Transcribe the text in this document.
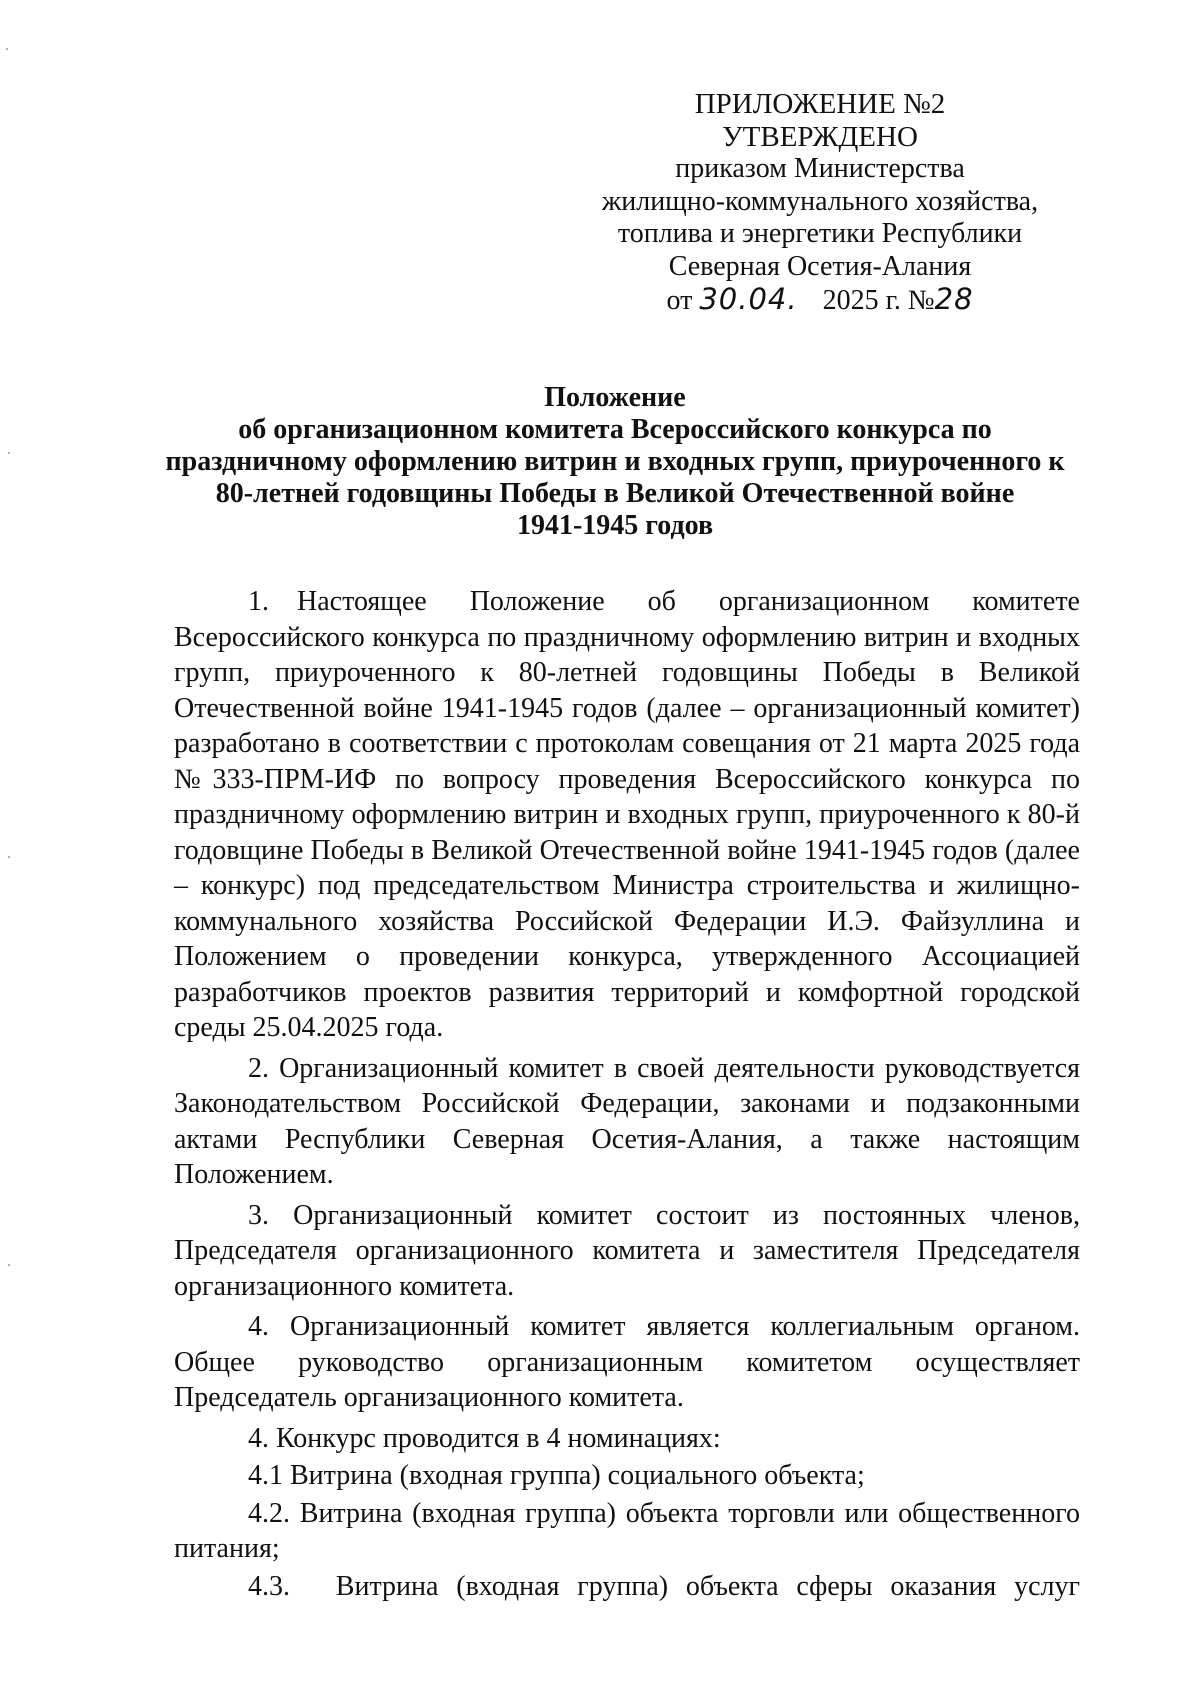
ПРИЛОЖЕНИЕ №2
УТВЕРЖДЕНО
приказом Министерства
жилищно-коммунального хозяйства,
топлива и энергетики Республики
Северная Осетия-Алания
от 30.04. 2025 г. №28
Положение
об организационном комитета Всероссийского конкурса по
праздничному оформлению витрин и входных групп, приуроченного к
80-летней годовщины Победы в Великой Отечественной войне
1941-1945 годов

1. Настоящее Положение об организационном комитете Всероссийского конкурса по праздничному оформлению витрин и входных групп, приуроченного к 80-летней годовщины Победы в Великой Отечественной войне 1941-1945 годов (далее – организационный комитет) разработано в соответствии с протоколам совещания от 21 марта 2025 года №333-ПРМ-ИФ по вопросу проведения Всероссийского конкурса по праздничному оформлению витрин и входных групп, приуроченного к 80-й годовщине Победы в Великой Отечественной войне 1941-1945 годов (далее – конкурс) под председательством Министра строительства и жилищно-коммунального хозяйства Российской Федерации И.Э. Файзуллина и Положением о проведении конкурса, утвержденного Ассоциацией разработчиков проектов развития территорий и комфортной городской среды 25.04.2025 года.

2. Организационный комитет в своей деятельности руководствуется Законодательством Российской Федерации, законами и подзаконными актами Республики Северная Осетия-Алания, а также настоящим Положением.

3. Организационный комитет состоит из постоянных членов, Председателя организационного комитета и заместителя Председателя организационного комитета.

4. Организационный комитет является коллегиальным органом. Общее руководство организационным комитетом осуществляет Председатель организационного комитета.

4. Конкурс проводится в 4 номинациях:

4.1 Витрина (входная группа) социального объекта;

4.2. Витрина (входная группа) объекта торговли или общественного питания;

4.3.  Витрина (входная группа) объекта сферы оказания услуг
